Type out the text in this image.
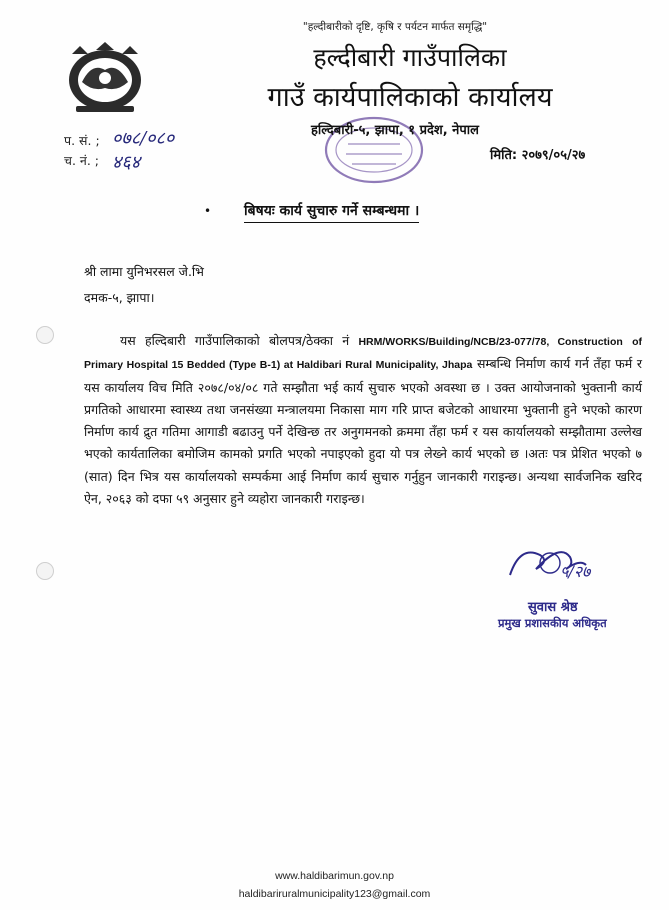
"हल्दीबारीको दृष्टि, कृषि र पर्यटन मार्फत समृद्धि"
हल्दीबारी गाउँपालिका
गाउँ कार्यपालिकाको कार्यालय
हल्दिबारी-५, झापा, १ प्रदेश, नेपाल
प. सं. ; ०७८/०८०
च. नं. ; ४६४	मिति: २०७९/०५/२७
• बिषयः कार्य सुचारु गर्ने सम्बन्धमा ।
श्री लामा युनिभरसल जे.भि
दमक-५, झापा।
यस हल्दिबारी गाउँपालिकाको बोलपत्र/ठेक्का नं HRM/WORKS/Building/NCB/23-077/78, Construction of Primary Hospital 15 Bedded (Type B-1) at Haldibari Rural Municipality, Jhapa सम्बन्धि निर्माण कार्य गर्न तँहा फर्म र यस कार्यालय विच मिति २०७८/०४/०८ गते सम्झौता भई कार्य सुचारु भएको अवस्था छ । उक्त आयोजनाको भुक्तानी कार्य प्रगतिको आधारमा स्वास्थ्य तथा जनसंख्या मन्त्रालयमा निकासा माग गरि प्राप्त बजेटको आधारमा भुक्तानी हुने भएको कारण निर्माण कार्य द्रुत गतिमा आगाडी बढाउनु पर्ने देखिन्छ तर अनुगमनको क्रममा तँहा फर्म र यस कार्यालयको सम्झौतामा उल्लेख भएको कार्यतालिका बमोजिम कामको प्रगति भएको नपाइएको हुदा यो पत्र लेख्ने कार्य भएको छ ।अतः पत्र प्रेशित भएको ७ (सात) दिन भित्र यस कार्यालयको सम्पर्कमा आई निर्माण कार्य सुचारु गर्नुहुन जानकारी गराइन्छ। अन्यथा सार्वजनिक खरिद ऐन, २०६३ को दफा ५९ अनुसार हुने व्यहोरा जानकारी गराइन्छ।
५/२७
सुवास श्रेष्ठ
प्रमुख प्रशासकीय अधिकृत
www.haldibarimun.gov.np
haldibariruralmunicipality123@gmail.com
